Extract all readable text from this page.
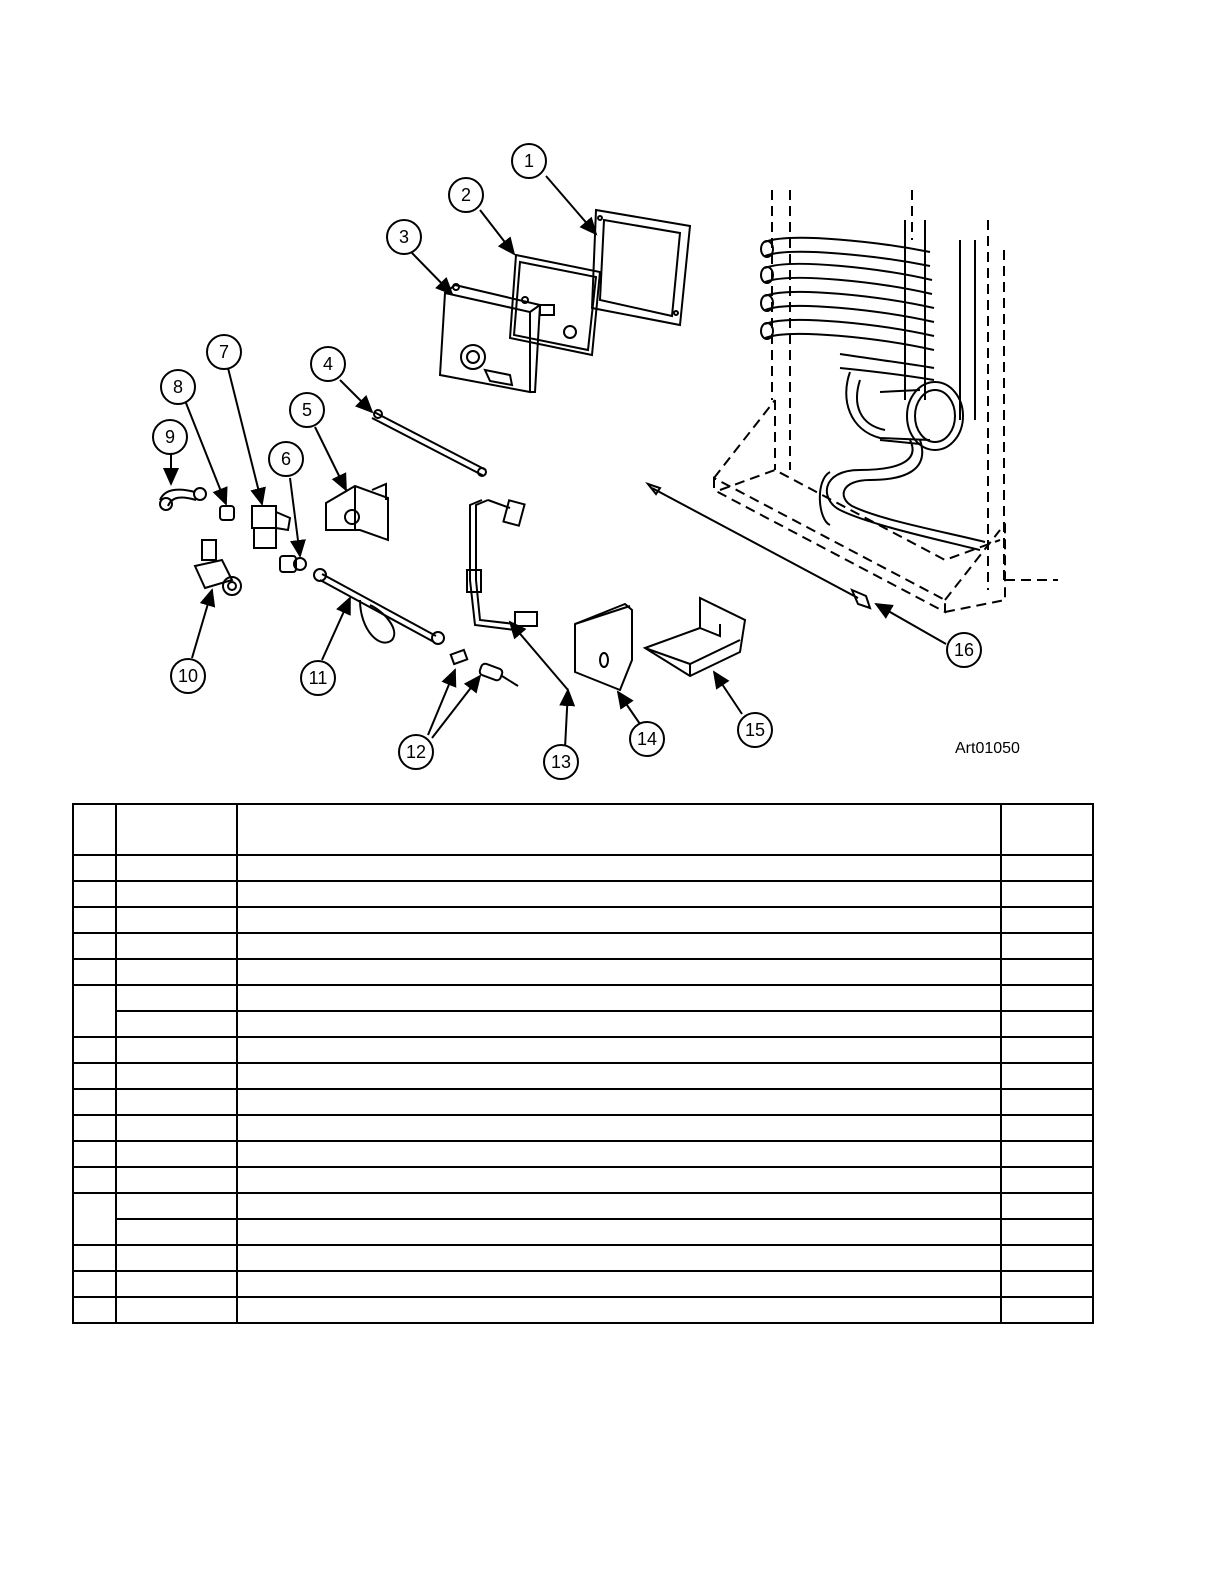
1
2
3
4
5
6
7
8
9
10	11
12	13
14	15
16
Art01050
